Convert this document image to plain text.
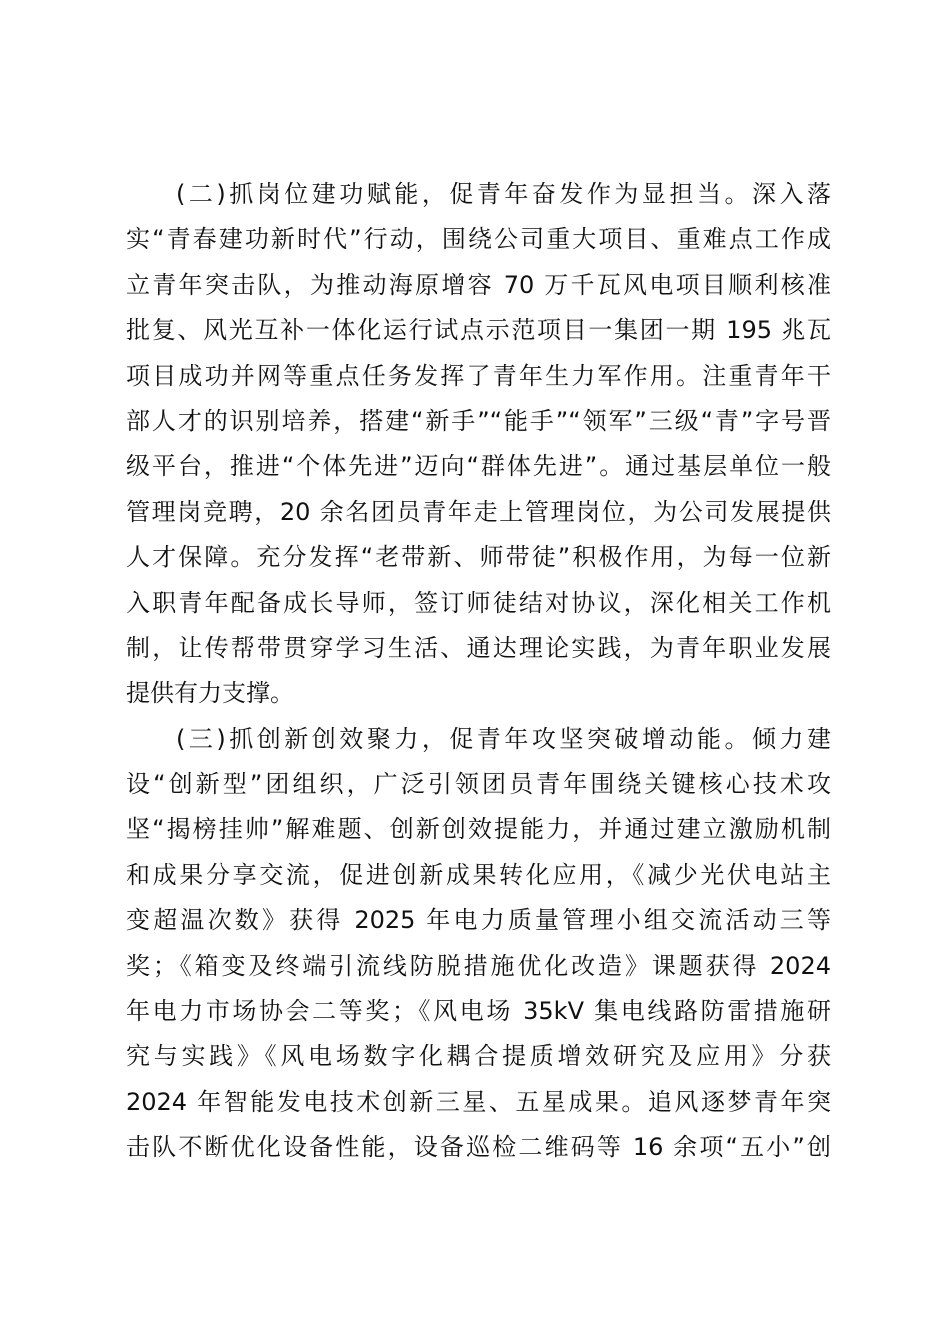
(二)抓岗位建功赋能，促青年奋发作为显担当。深入落
实“青春建功新时代”行动，围绕公司重大项目、重难点工作成
立青年突击队，为推动海原增容 70 万千瓦风电项目顺利核准
批复、风光互补一体化运行试点示范项目一集团一期 195 兆瓦
项目成功并网等重点任务发挥了青年生力军作用。注重青年干
部人才的识别培养，搭建“新手”“能手”“领军”三级“青”字号晋
级平台，推进“个体先进”迈向“群体先进”。通过基层单位一般
管理岗竞聘，20 余名团员青年走上管理岗位，为公司发展提供
人才保障。充分发挥“老带新、师带徒”积极作用，为每一位新
入职青年配备成长导师，签订师徒结对协议，深化相关工作机
制，让传帮带贯穿学习生活、通达理论实践，为青年职业发展
提供有力支撑。
(三)抓创新创效聚力，促青年攻坚突破增动能。倾力建
设“创新型”团组织，广泛引领团员青年围绕关键核心技术攻
坚“揭榜挂帅”解难题、创新创效提能力，并通过建立激励机制
和成果分享交流，促进创新成果转化应用，《减少光伏电站主
变超温次数》获得 2025 年电力质量管理小组交流活动三等
奖；《箱变及终端引流线防脱措施优化改造》课题获得 2024
年电力市场协会二等奖；《风电场 35kV 集电线路防雷措施研
究与实践》《风电场数字化耦合提质增效研究及应用》分获
2024 年智能发电技术创新三星、五星成果。追风逐梦青年突
击队不断优化设备性能，设备巡检二维码等 16 余项“五小”创
